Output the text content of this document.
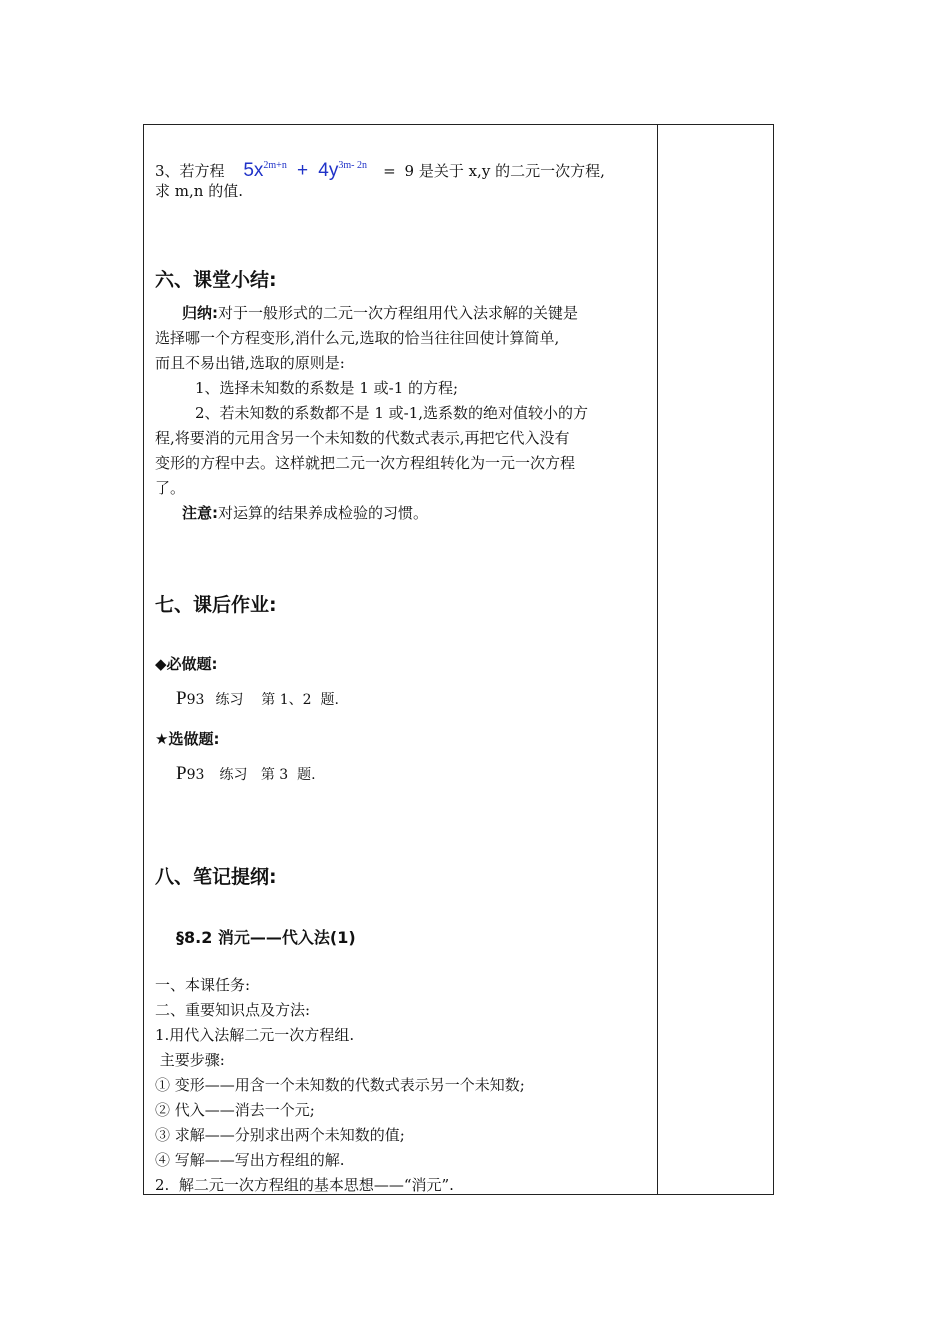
3、若方程 $5x^{2m+n} + 4y^{3m- 2n} = 9$ 是关于 x,y 的二元一次方程,
求 m,n 的值.
六、课堂小结:
归纳:对于一般形式的二元一次方程组用代入法求解的关键是
选择哪一个方程变形,消什么元,选取的恰当往往回使计算简单,
而且不易出错,选取的原则是:
1、选择未知数的系数是 1 或-1 的方程;
2、若未知数的系数都不是 1 或-1,选系数的绝对值较小的方
程,将要消的元用含另一个未知数的代数式表示,再把它代入没有
变形的方程中去。这样就把二元一次方程组转化为一元一次方程
了。
注意:对运算的结果养成检验的习惯。
七、课后作业:
◆必做题:
P93 练习    第 1、2  题.
★选做题:
P93 练习   第 3  题.
八、笔记提纲:
§8.2 消元——代入法(1)
一、本课任务:
二、重要知识点及方法:
1.用代入法解二元一次方程组.
主要步骤:
① 变形——用含一个未知数的代数式表示另一个未知数;
② 代入——消去一个元;
③ 求解——分别求出两个未知数的值;
④ 写解——写出方程组的解.
2.  解二元一次方程组的基本思想——“消元”.
